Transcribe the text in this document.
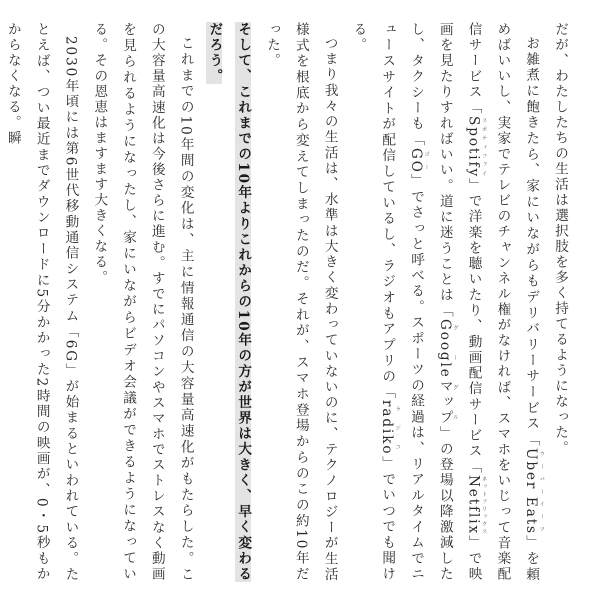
だが、わたしたちの生活は選択肢を多く持てるようになった。

お雑煮に飽きたら、家にいながらもデリバリーサービス「Uber Eats ウーバーイーツ」を頼めばいいし、実家でテレビのチャンネル権がなければ、スマホをいじって音楽配信サービス「Spotify スポティファイ」で洋楽を聴いたり、動画配信サービス「Netflix ネットフリックス」で映画を見たりすればいい。道に迷うことは「Googleマップ グーグル」の登場以降激減したし、タクシーも「GO ゴー」でさっと呼べる。スポーツの経過は、リアルタイムでニュースサイトが配信しているし、ラジオもアプリの「radiko ラジコ」でいつでも聞ける。

つまり我々の生活は、水準は大きく変わっていないのに、テクノロジーが生活様式を根底から変えてしまったのだ。それが、スマホ登場からのこの約10年だった。

そして、これまでの10年よりこれからの10年の方が世界は大きく、早く変わるだろう。

これまでの10年間の変化は、主に情報通信の大容量高速化がもたらした。この大容量高速化は今後さらに進む。すでにパソコンやスマホでストレスなく動画を見られるようになったし、家にいながらビデオ会議ができるようになっている。その恩恵はますます大きくなる。

2030年頃には第6世代移動通信システム「6G」が始まるといわれている。たとえば、つい最近までダウンロードに5分かかった2時間の映画が、0・5秒もかからなくなる。瞬
